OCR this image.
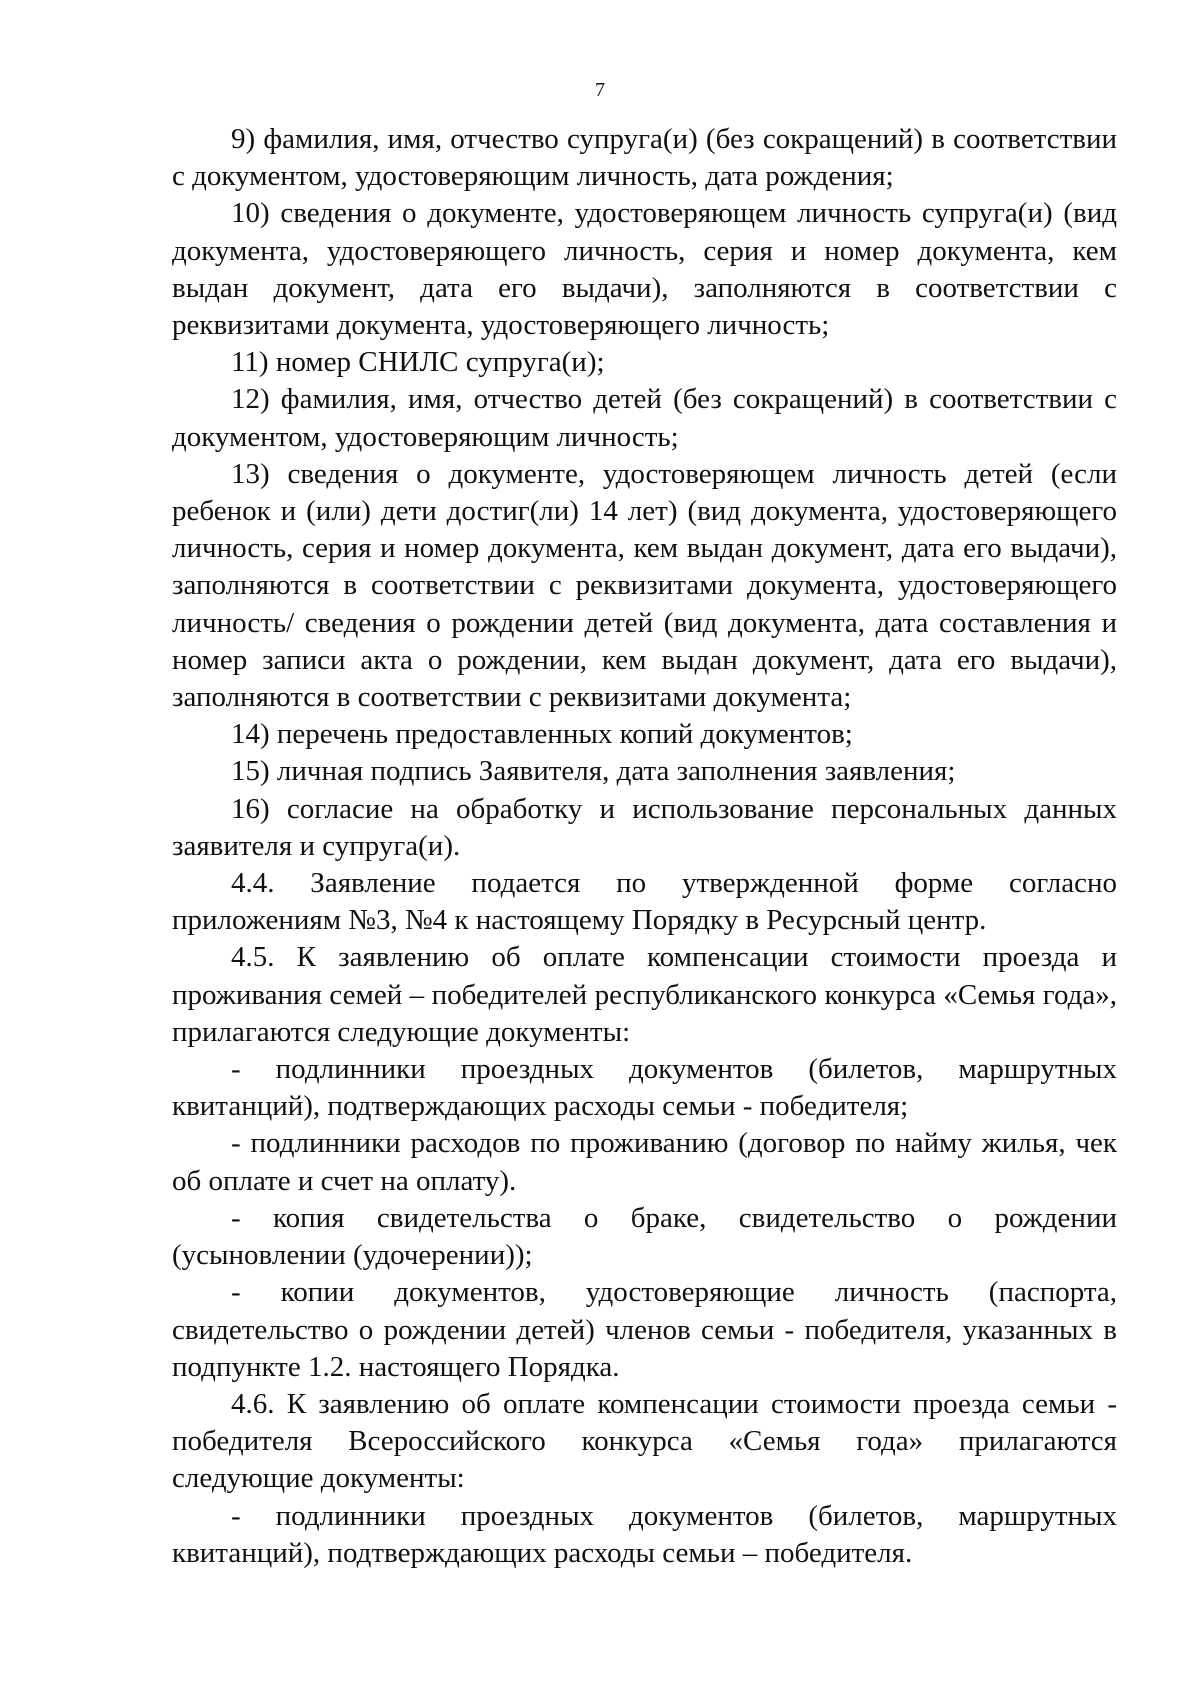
7

9) фамилия, имя, отчество супруга(и) (без сокращений) в соответствии с документом, удостоверяющим личность, дата рождения;

10) сведения о документе, удостоверяющем личность супруга(и) (вид документа, удостоверяющего личность, серия и номер документа, кем выдан документ, дата его выдачи), заполняются в соответствии с реквизитами документа, удостоверяющего личность;

11) номер СНИЛС супруга(и);

12) фамилия, имя, отчество детей (без сокращений) в соответствии с документом, удостоверяющим личность;

13) сведения о документе, удостоверяющем личность детей (если ребенок и (или) дети достиг(ли) 14 лет) (вид документа, удостоверяющего личность, серия и номер документа, кем выдан документ, дата его выдачи), заполняются в соответствии с реквизитами документа, удостоверяющего личность/ сведения о рождении детей (вид документа, дата составления и номер записи акта о рождении, кем выдан документ, дата его выдачи), заполняются в соответствии с реквизитами документа;

14) перечень предоставленных копий документов;

15) личная подпись Заявителя, дата заполнения заявления;

16) согласие на обработку и использование персональных данных заявителя и супруга(и).

4.4. Заявление подается по утвержденной форме согласно приложениям №3, №4 к настоящему Порядку в Ресурсный центр.

4.5. К заявлению об оплате компенсации стоимости проезда и проживания семей – победителей республиканского конкурса «Семья года», прилагаются следующие документы:

- подлинники проездных документов (билетов, маршрутных квитанций), подтверждающих расходы семьи - победителя;

- подлинники расходов по проживанию (договор по найму жилья, чек об оплате и счет на оплату).

- копия свидетельства о браке, свидетельство о рождении (усыновлении (удочерении));

- копии документов, удостоверяющие личность (паспорта, свидетельство о рождении детей) членов семьи - победителя, указанных в подпункте 1.2. настоящего Порядка.

4.6. К заявлению об оплате компенсации стоимости проезда семьи - победителя Всероссийского конкурса «Семья года» прилагаются следующие документы:

- подлинники проездных документов (билетов, маршрутных квитанций), подтверждающих расходы семьи – победителя.
